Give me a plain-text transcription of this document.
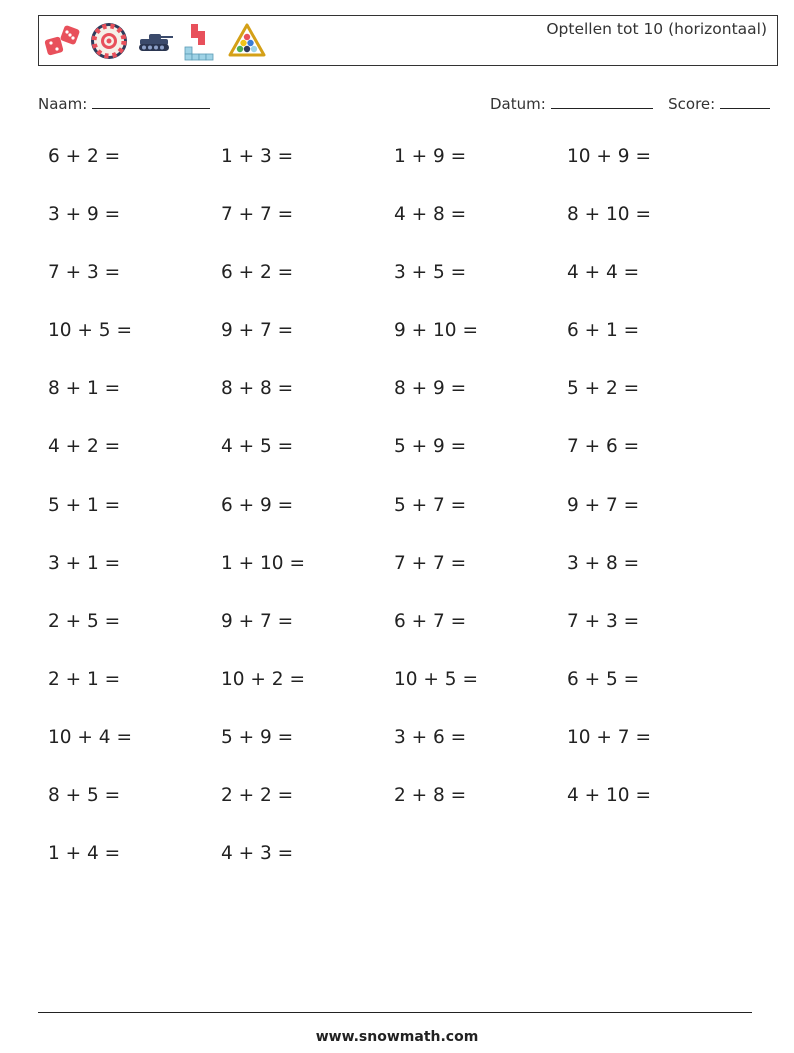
Optellen tot 10 (horizontaal)
Naam:	Datum:	Score:
6 + 2 =	1 + 3 =	1 + 9 =	10 + 9 =
3 + 9 =	7 + 7 =	4 + 8 =	8 + 10 =
7 + 3 =	6 + 2 =	3 + 5 =	4 + 4 =
10 + 5 =	9 + 7 =	9 + 10 =	6 + 1 =
8 + 1 =	8 + 8 =	8 + 9 =	5 + 2 =
4 + 2 =	4 + 5 =	5 + 9 =	7 + 6 =
5 + 1 =	6 + 9 =	5 + 7 =	9 + 7 =
3 + 1 =	1 + 10 =	7 + 7 =	3 + 8 =
2 + 5 =	9 + 7 =	6 + 7 =	7 + 3 =
2 + 1 =	10 + 2 =	10 + 5 =	6 + 5 =
10 + 4 =	5 + 9 =	3 + 6 =	10 + 7 =
8 + 5 =	2 + 2 =	2 + 8 =	4 + 10 =
1 + 4 =	4 + 3 =
www.snowmath.com
